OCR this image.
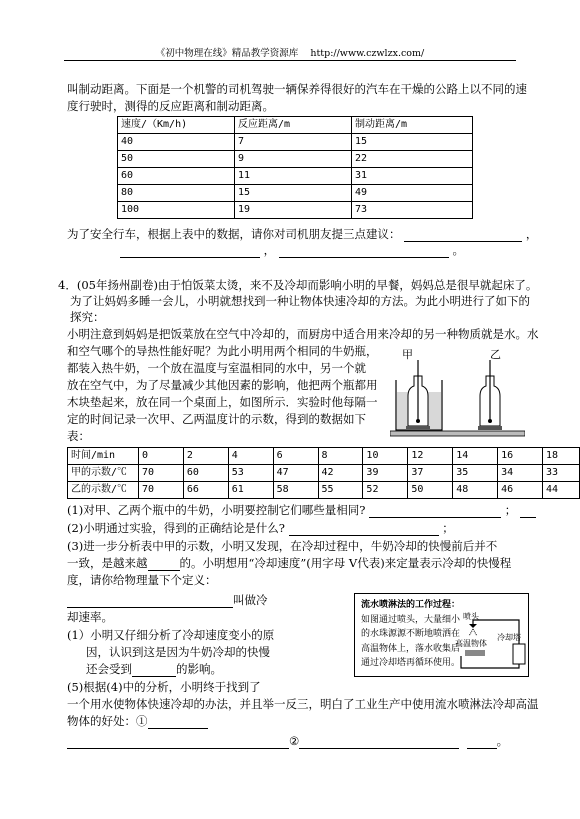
《初中物理在线》精品教学资源库 http://www.czwlzx.com/
叫制动距离。下面是一个机警的司机驾驶一辆保养得很好的汽车在干燥的公路上以不同的速
度行驶时，测得的反应距离和制动距离。
速度/（Km/h)	反应距离/m	制动距离/m
40	7	15
50	9	22
60	11	31
80	15	49
100	19	73
为了安全行车，根据上表中的数据，请你对司机朋友提三点建议：	，
，	。
4．(05年扬州副卷)由于怕饭菜太烫，来不及冷却而影响小明的早餐，妈妈总是很早就起床了。
为了让妈妈多睡一会儿，小明就想找到一种让物体快速冷却的方法。为此小明进行了如下的
探究：
小明注意到妈妈是把饭菜放在空气中冷却的，而厨房中适合用来冷却的另一种物质就是水。水
和空气哪个的导热性能好呢？为此小明用两个相同的牛奶瓶，
都装入热牛奶，一个放在温度与室温相同的水中，另一个就
放在空气中，为了尽量减少其他因素的影响，他把两个瓶都用
木块垫起来，放在同一个桌面上，如图所示．实验时他每隔一
定的时间记录一次甲、乙两温度计的示数，得到的数据如下
表：
甲	乙
时间/min	0	2	4	6	8	10	12	14	16	18
甲的示数/℃	70	60	53	47	42	39	37	35	34	33
乙的示数/℃	70	66	61	58	55	52	50	48	46	44
(1)对甲、乙两个瓶中的牛奶，小明要控制它们哪些量相同?	；
(2)小明通过实验，得到的正确结论是什么?	；
(3)进一步分析表中甲的示数，小明又发现，在冷却过程中，牛奶冷却的快慢前后并不
一致，是越来越	的。小明想用“冷却速度”(用字母 V代表)来定量表示冷却的快慢程
度，请你给物理量下个定义：
叫做冷
却速率。
(1）小明又仔细分析了冷却速度变小的原
因，认识到这是因为牛奶冷却的快慢
还会受到	的影响。
(5)根据(4)中的分析，小明终于找到了
一个用水使物体快速冷却的办法，并且举一反三，明白了工业生产中使用流水喷淋法冷却高温
物体的好处：①
②	。
流水喷淋法的工作过程：
如图通过喷头，大量细小
的水珠源源不断地喷洒在
高温物体上，落水收集后
通过冷却塔再循环使用。
喷头
冷却塔
高温物体
